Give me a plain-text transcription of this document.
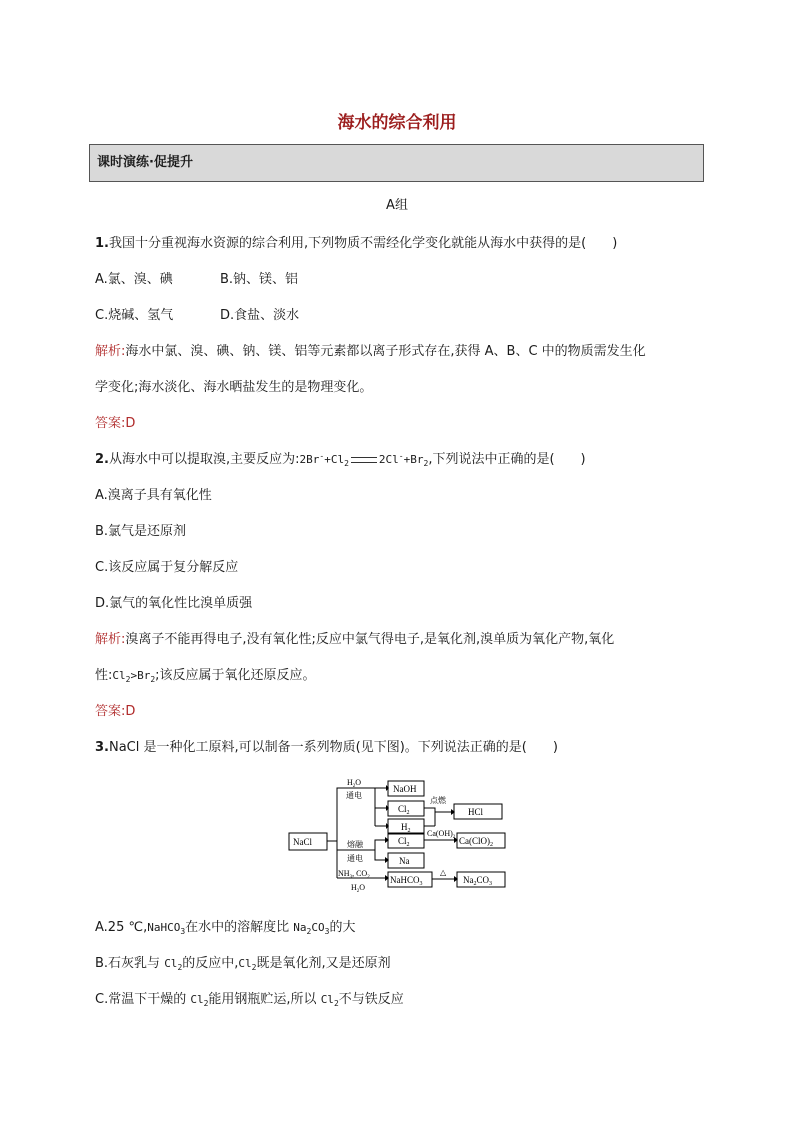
海水的综合利用
课时演练·促提升
A组
1.我国十分重视海水资源的综合利用,下列物质不需经化学变化就能从海水中获得的是(　　)
A.氯、溴、碘	B.钠、镁、铝
C.烧碱、氢气	D.食盐、淡水
解析:海水中氯、溴、碘、钠、镁、铝等元素都以离子形式存在,获得 A、B、C 中的物质需发生化
学变化;海水淡化、海水晒盐发生的是物理变化。
答案:D
2.从海水中可以提取溴,主要反应为$:2Br^-+Cl_2$	$2Cl^-+Br_2$,下列说法中正确的是(　　)
A.溴离子具有氧化性
B.氯气是还原剂
C.该反应属于复分解反应
D.氯气的氧化性比溴单质强
解析:溴离子不能再得电子,没有氧化性;反应中氯气得电子,是氧化剂,溴单质为氧化产物,氧化
性$:Cl_2>Br_2$;该反应属于氧化还原反应。
答案:D
3.NaCl 是一种化工原料,可以制备一系列物质(见下图)。下列说法正确的是(　　)
NaCl
NaOH
$Cl_2$
$H_2$
HCl
$Cl_2$	$Ca(ClO)_2$
Na
NaHCO$_3$	$Na_2CO_3$
$H_2O$
通电
点燃
熔融
通电
$Ca(OH)_2$
$NH_3$, $CO_2$
$H_2O$
△
A.25 ℃,NaHCO$_3$在水中的溶解度比 $Na_2CO_3$的大
B.石灰乳与 $Cl_2$的反应中$,Cl_2$既是氧化剂,又是还原剂
C.常温下干燥的 $Cl_2$能用钢瓶贮运,所以 $Cl_2$不与铁反应
